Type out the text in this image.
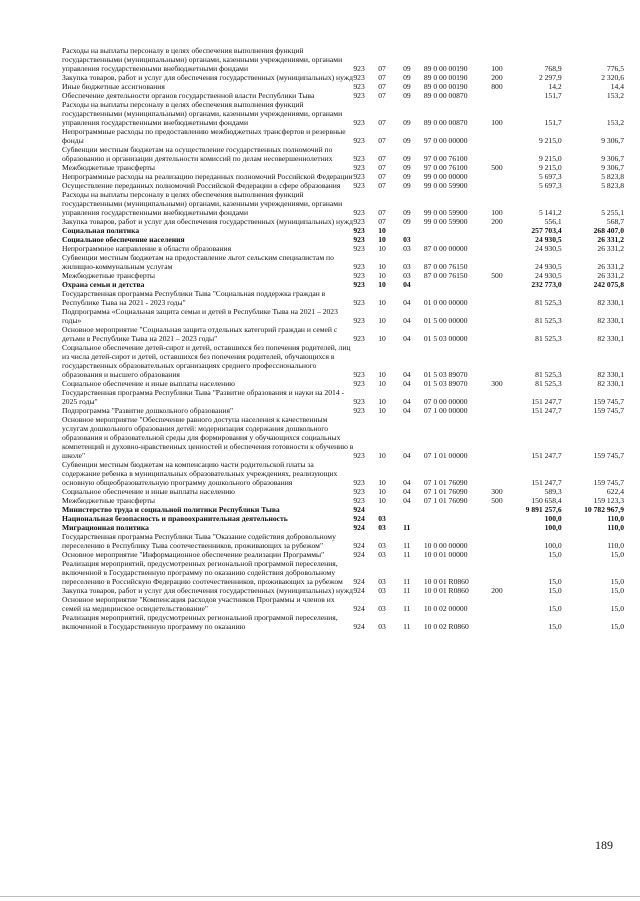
Расходы на выплаты персоналу в целях обеспечения выполнения функций государственными (муниципальными) органами, казенными учреждениями, органами управления государственными внебюджетными фондами	923	07	09	89 0 00 00190	100	768,9	776,5
Закупка товаров, работ и услуг для обеспечения государственных (муниципальных) нужд	923	07	09	89 0 00 00190	200	2 297,9	2 320,6
Иные бюджетные ассигнования	923	07	09	89 0 00 00190	800	14,2	14,4
Обеспечение деятельности органов государственной власти Республики Тыва	923	07	09	89 0 00 00870		151,7	153,2
Расходы на выплаты персоналу в целях обеспечения выполнения функций государственными (муниципальными) органами, казенными учреждениями, органами управления государственными внебюджетными фондами	923	07	09	89 0 00 00870	100	151,7	153,2
Непрограммные расходы по предоставлению межбюджетных трансфертов и резервные фонды	923	07	09	97 0 00 00000		9 215,0	9 306,7
Субвенции местным бюджетам на осуществление государственных полномочий по образованию и организации деятельности комиссий по делам несовершеннолетних	923	07	09	97 0 00 76100		9 215,0	9 306,7
Межбюджетные трансферты	923	07	09	97 0 00 76100	500	9 215,0	9 306,7
Непрограммные расходы на реализацию переданных полномочий Российской Федерации	923	07	09	99 0 00 00000		5 697,3	5 823,8
Осуществление переданных полномочий Российской Федерации в сфере образования	923	07	09	99 0 00 59900		5 697,3	5 823,8
Расходы на выплаты персоналу в целях обеспечения выполнения функций государственными (муниципальными) органами, казенными учреждениями, органами управления государственными внебюджетными фондами	923	07	09	99 0 00 59900	100	5 141,2	5 255,1
Закупка товаров, работ и услуг для обеспечения государственных (муниципальных) нужд	923	07	09	99 0 00 59900	200	556,1	568,7
Социальная политика	923	10				257 703,4	268 407,0
Социальное обеспечение населения	923	10	03			24 930,5	26 331,2
Непрограммное направление в области образования	923	10	03	87 0 00 00000		24 930,5	26 331,2
Субвенции местным бюджетам на предоставление льгот сельским специалистам по жилищно-коммунальным услугам	923	10	03	87 0 00 76150		24 930,5	26 331,2
Межбюджетные трансферты	923	10	03	87 0 00 76150	500	24 930,5	26 331,2
Охрана семьи и детства	923	10	04			232 773,0	242 075,8
Государственная программа Республики Тыва "Социальная поддержка граждан в Республике Тыва на 2021 - 2023 годы"	923	10	04	01 0 00 00000		81 525,3	82 330,1
Подпрограмма «Социальная защита семьи и детей в Республике Тыва на 2021 – 2023 годы»	923	10	04	01 5 00 00000		81 525,3	82 330,1
Основное мероприятие "Социальная защита отдельных категорий граждан и семей с детьми в Республике Тыва на 2021 – 2023 годы"	923	10	04	01 5 03 00000		81 525,3	82 330,1
Социальное обеспечение детей-сирот и детей, оставшихся без попечения родителей, лиц из числа детей-сирот и детей, оставшихся без попечения родителей, обучающихся в государственных образовательных организациях среднего профессионального образования и высшего образования	923	10	04	01 5 03 89070		81 525,3	82 330,1
Социальное обеспечение и иные выплаты населению	923	10	04	01 5 03 89070	300	81 525,3	82 330,1
Государственная программа Республики Тыва "Развитие образования и науки на 2014 - 2025 годы"	923	10	04	07 0 00 00000		151 247,7	159 745,7
Подпрограмма "Развитие дошкольного образования"	923	10	04	07 1 00 00000		151 247,7	159 745,7
Основное мероприятие "Обеспечение равного доступа населения к качественным услугам дошкольного образования детей: модернизация содержания дошкольного образования и образовательной среды для формирования у обучающихся социальных компетенций и духовно-нравственных ценностей и обеспечения готовности к обучению в школе"	923	10	04	07 1 01 00000		151 247,7	159 745,7
Субвенции местным бюджетам на компенсацию части родительской платы за содержание ребенка в муниципальных образовательных учреждениях, реализующих основную общеобразовательную программу дошкольного образования	923	10	04	07 1 01 76090		151 247,7	159 745,7
Социальное обеспечение и иные выплаты населению	923	10	04	07 1 01 76090	300	589,3	622,4
Межбюджетные трансферты	923	10	04	07 1 01 76090	500	150 658,4	159 123,3
Министерство труда и социальной политики Республики Тыва	924					9 891 257,6	10 782 967,9
Национальная безопасность и правоохранительная деятельность	924	03				100,0	110,0
Миграционная политика	924	03	11			100,0	110,0
Государственная программа Республики Тыва "Оказание содействия добровольному переселению в Республику Тыва соотечественников, проживающих за рубежом"	924	03	11	10 0 00 00000		100,0	110,0
Основное мероприятие "Информационное обеспечение реализации Программы"	924	03	11	10 0 01 00000		15,0	15,0
Реализация мероприятий, предусмотренных региональной программой переселения, включенной в Государственную программу по оказанию содействия добровольному переселению в Российскую Федерацию соотечественников, проживающих за рубежом	924	03	11	10 0 01 R0860		15,0	15,0
Закупка товаров, работ и услуг для обеспечения государственных (муниципальных) нужд	924	03	11	10 0 01 R0860	200	15,0	15,0
Основное мероприятие "Компенсация расходов участников Программы и членов их семей на медицинское освидетельствование"	924	03	11	10 0 02 00000		15,0	15,0
Реализация мероприятий, предусмотренных региональной программой переселения, включенной в Государственную программу по оказанию	924	03	11	10 0 02 R0860		15,0	15,0
189
